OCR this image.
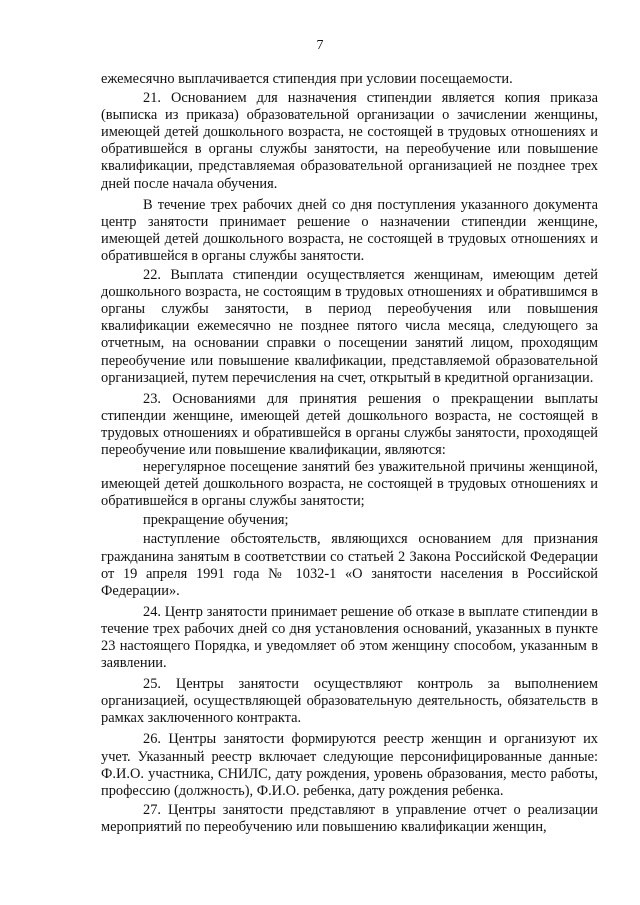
7

ежемесячно выплачивается стипендия при условии посещаемости.

21. Основанием для назначения стипендии является копия приказа (выписка из приказа) образовательной организации о зачислении женщины, имеющей детей дошкольного возраста, не состоящей в трудовых отношениях и обратившейся в органы службы занятости, на переобучение или повышение квалификации, представляемая образовательной организацией не позднее трех дней после начала обучения.

В течение трех рабочих дней со дня поступления указанного документа центр занятости принимает решение о назначении стипендии женщине, имеющей детей дошкольного возраста, не состоящей в трудовых отношениях и обратившейся в органы службы занятости.

22. Выплата стипендии осуществляется женщинам, имеющим детей дошкольного возраста, не состоящим в трудовых отношениях и обратившимся в органы службы занятости, в период переобучения или повышения квалификации ежемесячно не позднее пятого числа месяца, следующего за отчетным, на основании справки о посещении занятий лицом, проходящим переобучение или повышение квалификации, представляемой образовательной организацией, путем перечисления на счет, открытый в кредитной организации.

23. Основаниями для принятия решения о прекращении выплаты стипендии женщине, имеющей детей дошкольного возраста, не состоящей в трудовых отношениях и обратившейся в органы службы занятости, проходящей переобучение или повышение квалификации, являются:

нерегулярное посещение занятий без уважительной причины женщиной, имеющей детей дошкольного возраста, не состоящей в трудовых отношениях и обратившейся в органы службы занятости;

прекращение обучения;

наступление обстоятельств, являющихся основанием для признания гражданина занятым в соответствии со статьей 2 Закона Российской Федерации от 19 апреля 1991 года № 1032-1 «О занятости населения в Российской Федерации».

24. Центр занятости принимает решение об отказе в выплате стипендии в течение трех рабочих дней со дня установления оснований, указанных в пункте 23 настоящего Порядка, и уведомляет об этом женщину способом, указанным в заявлении.

25. Центры занятости осуществляют контроль за выполнением организацией, осуществляющей образовательную деятельность, обязательств в рамках заключенного контракта.

26. Центры занятости формируются реестр женщин и организуют их учет. Указанный реестр включает следующие персонифицированные данные: Ф.И.О. участника, СНИЛС, дату рождения, уровень образования, место работы, профессию (должность), Ф.И.О. ребенка, дату рождения ребенка.

27. Центры занятости представляют в управление отчет о реализации мероприятий по переобучению или повышению квалификации женщин,
